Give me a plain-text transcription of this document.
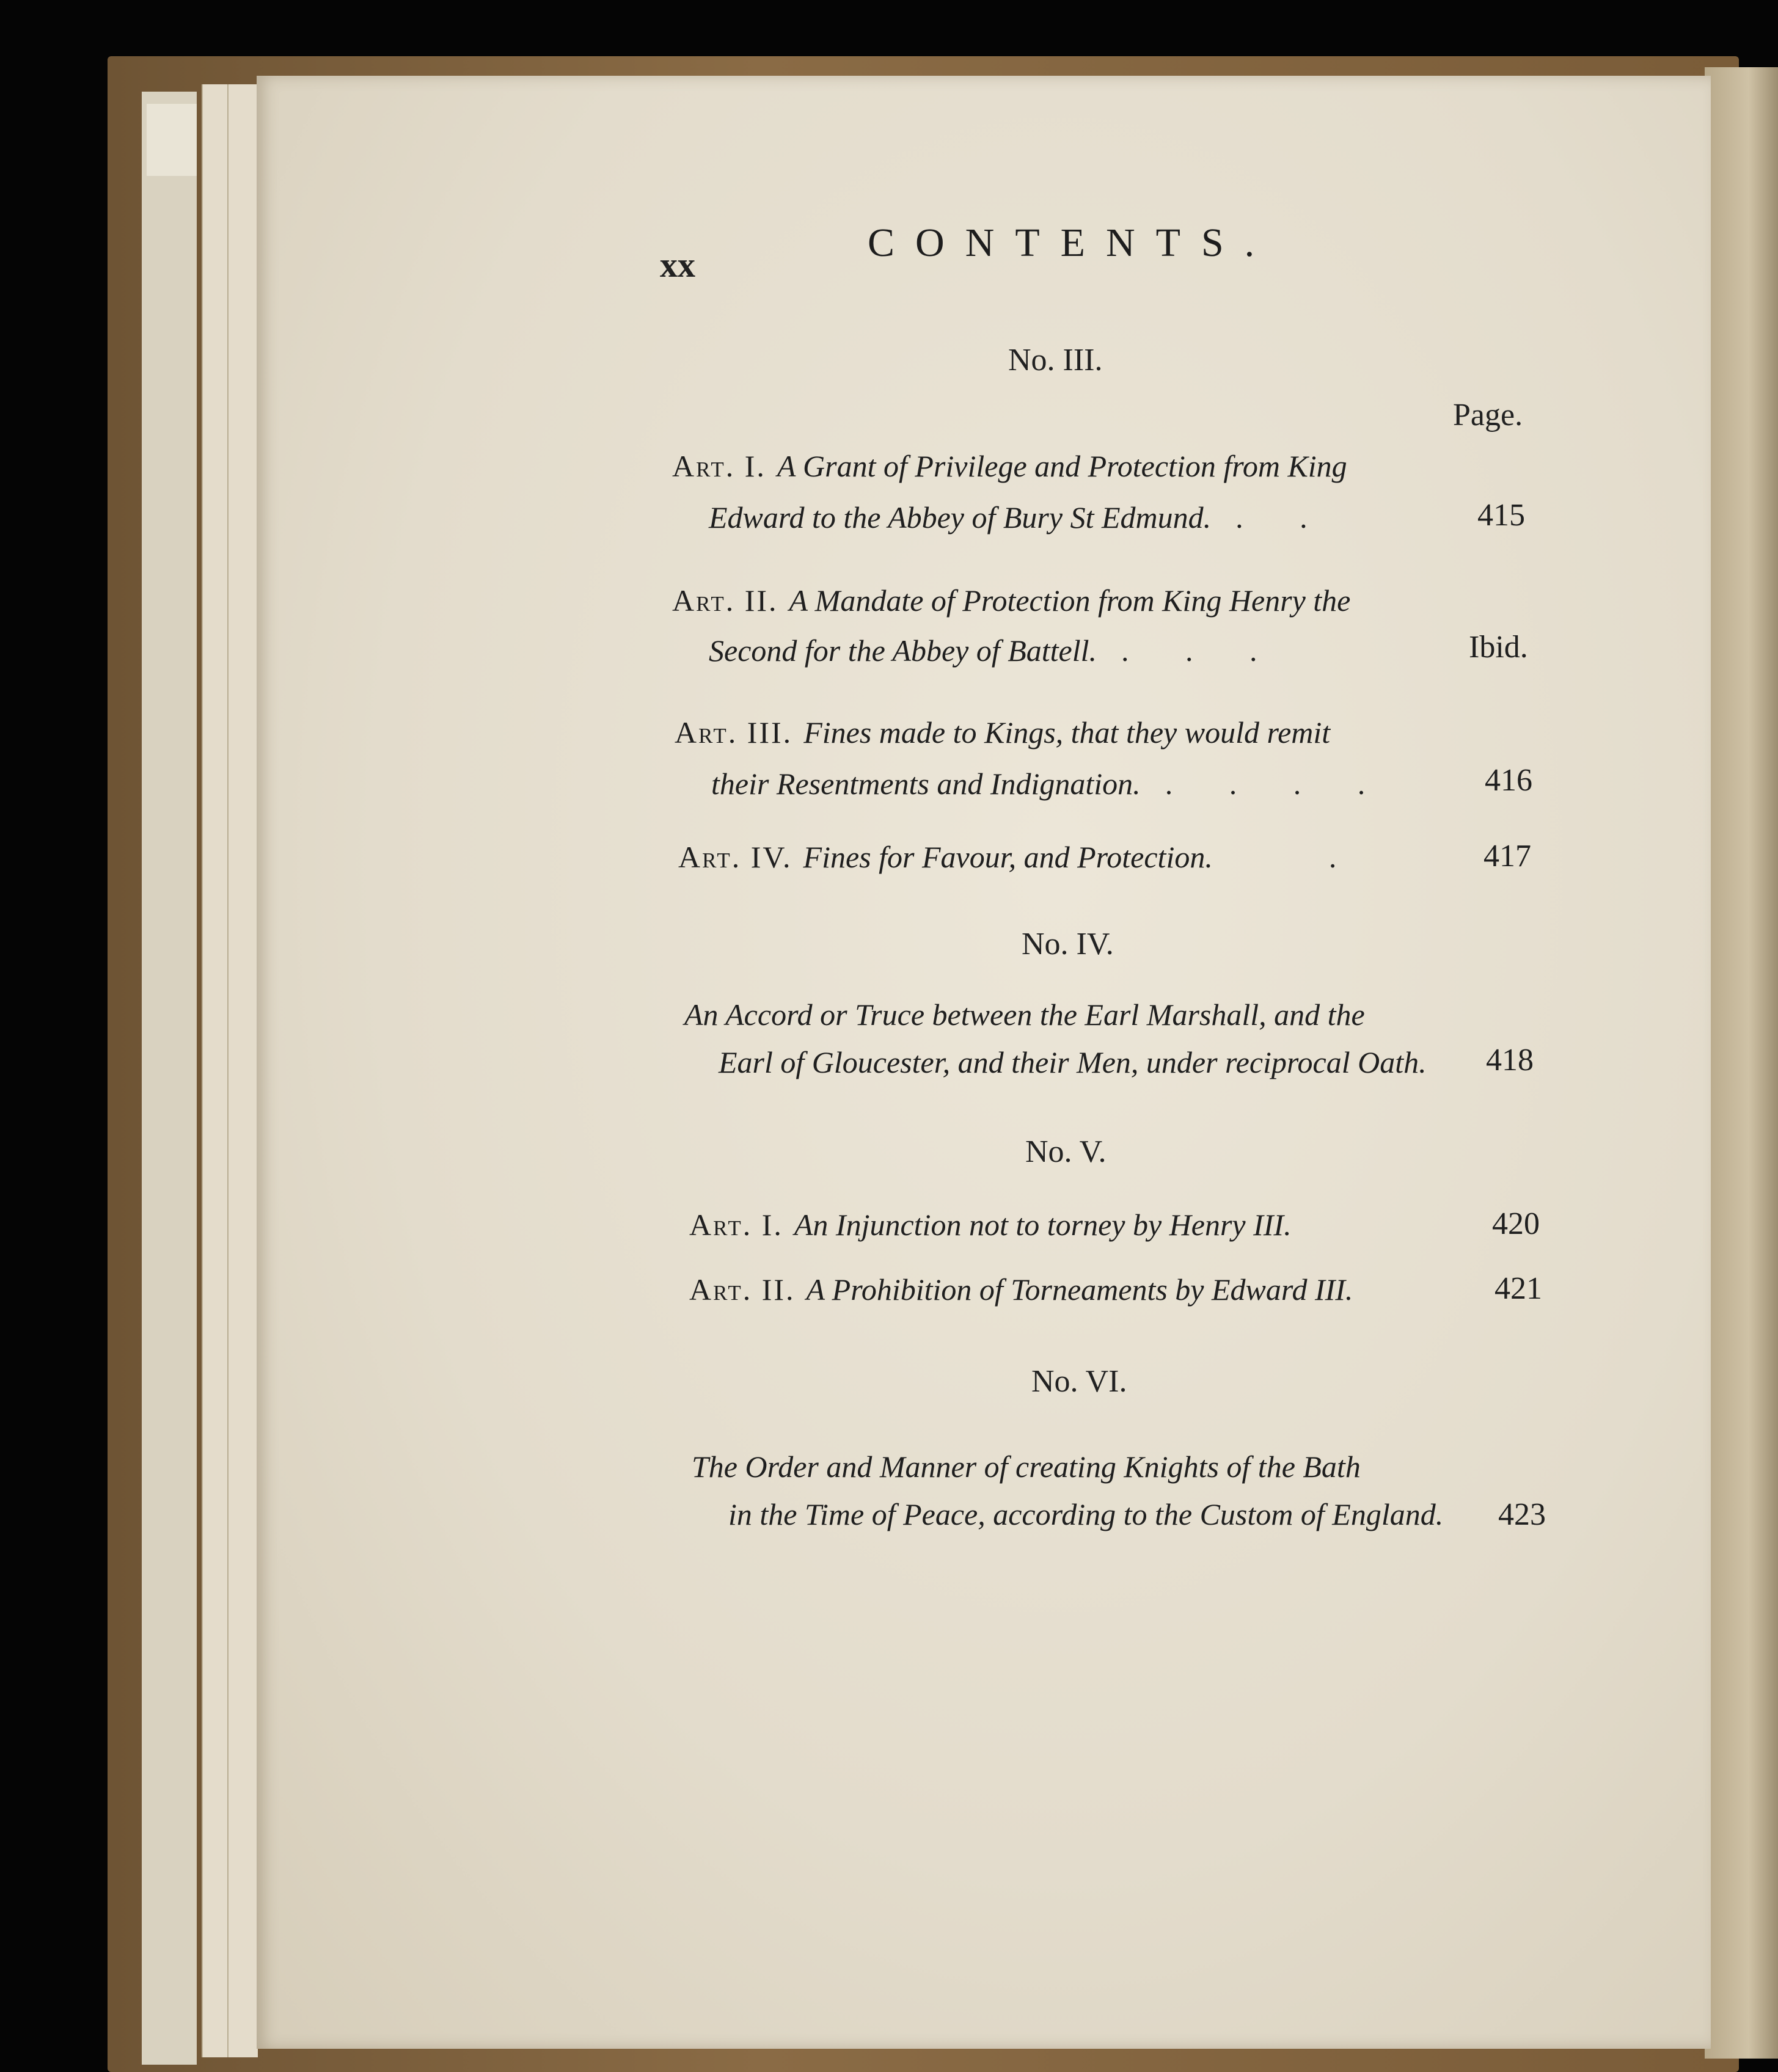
xx	CONTENTS.
No. III.
Page.
Art. I. A Grant of Privilege and Protection from King
Edward to the Abbey of Bury St Edmund. . .	415
Art. II. A Mandate of Protection from King Henry the
Second for the Abbey of Battell. . . .	Ibid.
Art. III. Fines made to Kings, that they would remit
their Resentments and Indignation. . . . .	416
Art. IV. Fines for Favour, and Protection.	.	417
No. IV.
An Accord or Truce between the Earl Marshall, and the
Earl of Gloucester, and their Men, under reciprocal Oath. 418
No. V.
Art. I. An Injunction not to torney by Henry III.	420
Art. II. A Prohibition of Torneaments by Edward III.	421
No. VI.
The Order and Manner of creating Knights of the Bath
in the Time of Peace, according to the Custom of England. 423
